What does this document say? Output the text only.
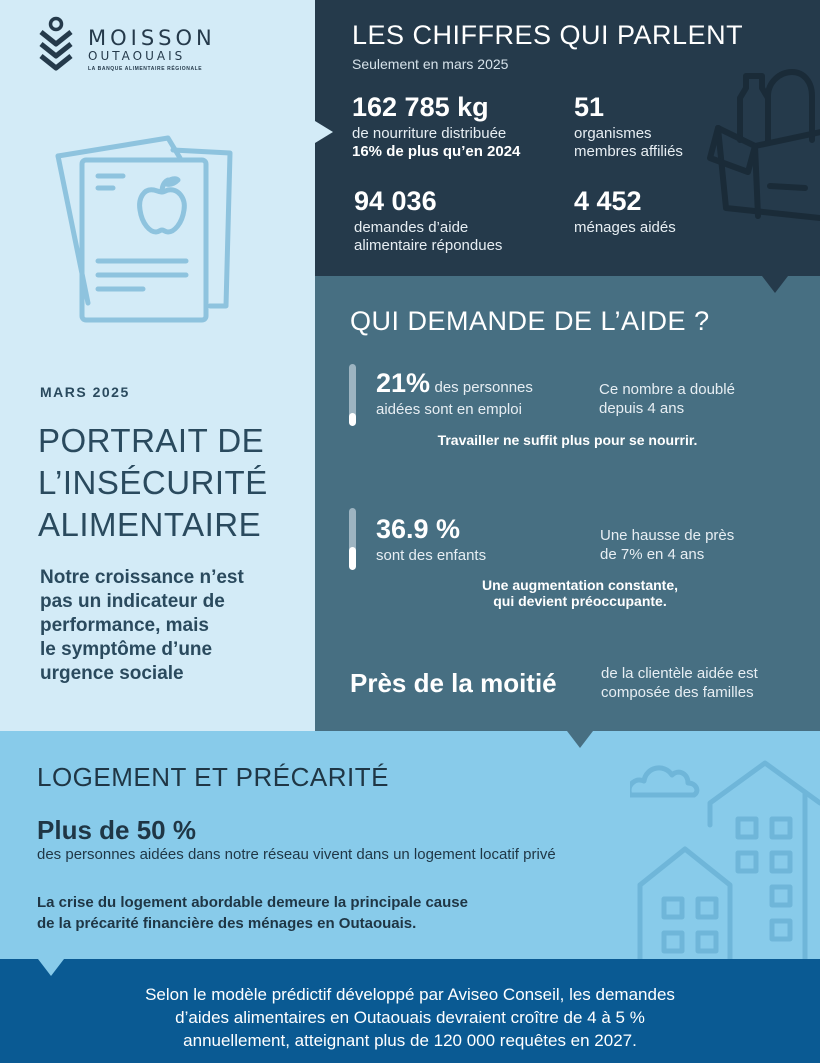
MOISSON
OUTAOUAIS
LA BANQUE ALIMENTAIRE RÉGIONALE
MARS 2025
PORTRAIT DE
L’INSÉCURITÉ
ALIMENTAIRE
Notre croissance n’est
pas un indicateur de
performance, mais
le symptôme d’une
urgence sociale
LES CHIFFRES QUI PARLENT
Seulement en mars 2025
162 785 kg
de nourriture distribuée
16% de plus qu’en 2024
51
organismes
membres affiliés
94 036
demandes d’aide
alimentaire répondues
4 452
ménages aidés
QUI DEMANDE DE L’AIDE ?
21% des personnes
aidées sont en emploi
Ce nombre a doublé
depuis 4 ans
Travailler ne suffit plus pour se nourrir.
36.9 %
sont des enfants
Une hausse de près
de 7% en 4 ans
Une augmentation constante,
qui devient préoccupante.
Près de la moitié	de la clientèle aidée est
composée des familles
LOGEMENT ET PRÉCARITÉ
Plus de 50 %
des personnes aidées dans notre réseau vivent dans un logement locatif privé
La crise du logement abordable demeure la principale cause
de la précarité financière des ménages en Outaouais.
Selon le modèle prédictif développé par Aviseo Conseil, les demandes
d’aides alimentaires en Outaouais devraient croître de 4 à 5 %
annuellement, atteignant plus de 120 000 requêtes en 2027.
